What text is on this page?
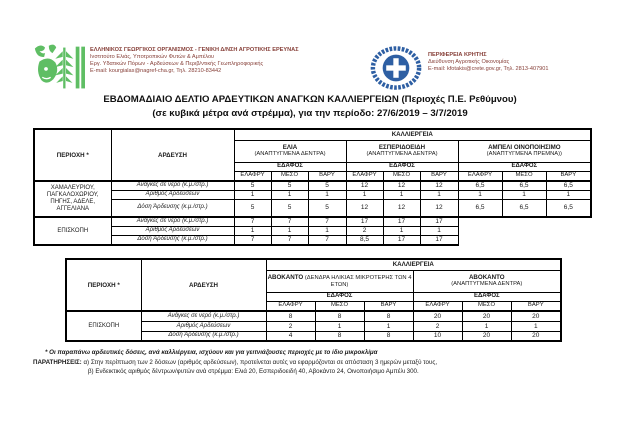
ΕΛΛΗΝΙΚΟΣ ΓΕΩΡΓΙΚΟΣ ΟΡΓΑΝΙΣΜΟΣ - ΓΕΝΙΚΗ Δ/ΝΣΗ ΑΓΡΟΤΙΚΗΣ ΕΡΕΥΝΑΣ
Ινστιτούτο Ελιάς, Υποτροπικών Φυτών & Αμπέλου
Εργ. Υδατικών Πόρων - Αρδεύσεων & Περιβ/ντικής Γεωπληροφορικής
E-mail: kourgialas@nagref-cha.gr, Τηλ. 28210-83442
ΠΕΡΙΦΕΡΕΙΑ ΚΡΗΤΗΣ
Διεύθυνση Αγροτικής Οικονομίας
E-mail: kfotakis@crete.gov.gr, Τηλ. 2813-407901
ΕΒΔΟΜΑΔΙΑΙΟ ΔΕΛΤΙΟ ΑΡΔΕΥΤΙΚΩΝ ΑΝΑΓΚΩΝ ΚΑΛΛΙΕΡΓΕΙΩΝ (Περιοχές Π.Ε. Ρεθύμνου)
(σε κυβικά μέτρα ανά στρέμμα), για την περίοδο: 27/6/2019 – 3/7/2019
ΠΕΡΙΟΧΗ *	ΑΡΔΕΥΣΗ	ΚΑΛΛΙΕΡΓΕΙΑ								

		ΕΛΙΑ
(ΑΝΑΠΤΥΓΜΕΝΑ ΔΕΝΤΡΑ)			ΕΣΠΕΡΙΔΟΕΙΔΗ
(ΑΝΑΠΤΥΓΜΕΝΑ ΔΕΝΤΡΑ)			ΑΜΠΕΛΙ ΟΙΝΟΠΟΙΗΣΙΜΟ
(ΑΝΑΠΤΥΓΜΕΝΑ ΠΡΕΜΝΑ))		

		ΕΔΑΦΟΣ			ΕΔΑΦΟΣ			ΕΔΑΦΟΣ		
		ΕΛΑΦΡΥ	ΜΕΣΟ	ΒΑΡΥ	ΕΛΑΦΡΥ	ΜΕΣΟ	ΒΑΡΥ	ΕΛΑΦΡΥ	ΜΕΣΟ	ΒΑΡΥ
ΧΑΜΑΛΕΥΡΙΟΥ, ΠΑΓΚΑΛΟΧΩΡΙΟΥ, ΠΗΓΗΣ, ΑΔΕΛΕ, ΑΓΓΕΛΙΑΝΑ	Ανάγκες σε νερό (κ.μ./στρ.)	5	5	5	12	12	12	6,5	6,5	6,5
	Αριθμός Αρδεύσεων	1	1	1	1	1	1	1	1	1
	Δόση Άρδευσης (κ.μ./στρ.)	5	5	5	12	12	12	6,5	6,5	6,5
ΕΠΙΣΚΟΠΗ	Ανάγκες σε νερό (κ.μ./στρ.)	7	7	7	17	17	17			
	Αριθμός Αρδεύσεων	1	1	1	2	1	1			
	Δόση Άρδευσης (κ.μ./στρ.)	7	7	7	8,5	17	17			
ΠΕΡΙΟΧΗ *	ΑΡΔΕΥΣΗ	ΚΑΛΛΙΕΡΓΕΙΑ					
		ΑΒΟΚΑΝΤΟ (ΔΕΝΔΡΑ ΗΛΙΚΙΑΣ ΜΙΚΡΟΤΕΡΗΣ ΤΩΝ 4 ΕΤΩΝ)			ΑΒΟΚΑΝΤΟ
(ΑΝΑΠΤΥΓΜΕΝΑ ΔΕΝΤΡΑ)		

		ΕΔΑΦΟΣ			ΕΔΑΦΟΣ		
		ΕΛΑΦΡΥ	ΜΕΣΟ	ΒΑΡΥ	ΕΛΑΦΡΥ	ΜΕΣΟ	ΒΑΡΥ
ΕΠΙΣΚΟΠΗ	Ανάγκες σε νερό (κ.μ./στρ.)	8	8	8	20	20	20
	Αριθμός Αρδεύσεων	2	1	1	2	1	1
	Δόση Άρδευσης (κ.μ./στρ.)	4	8	8	10	20	20
* Οι παραπάνω αρδευτικές δόσεις, ανά καλλιέργεια, ισχύουν και για γειτνιάζουσες περιοχές με το ίδιο μικροκλίμα
ΠΑΡΑΤΗΡΗΣΕΙΣ: α) Στην περίπτωση των 2 δόσεων (αριθμός αρδεύσεων), προτείνεται αυτές να εφαρμόζονται σε απόσταση 3 ημερών μεταξύ τους,
β) Ενδεικτικός αριθμός δέντρων/φυτών ανά στρέμμα: Ελιά 20, Εσπεριδοειδή 40, Αβοκάντο 24, Οινοποιήσιμο Αμπέλι 300.
